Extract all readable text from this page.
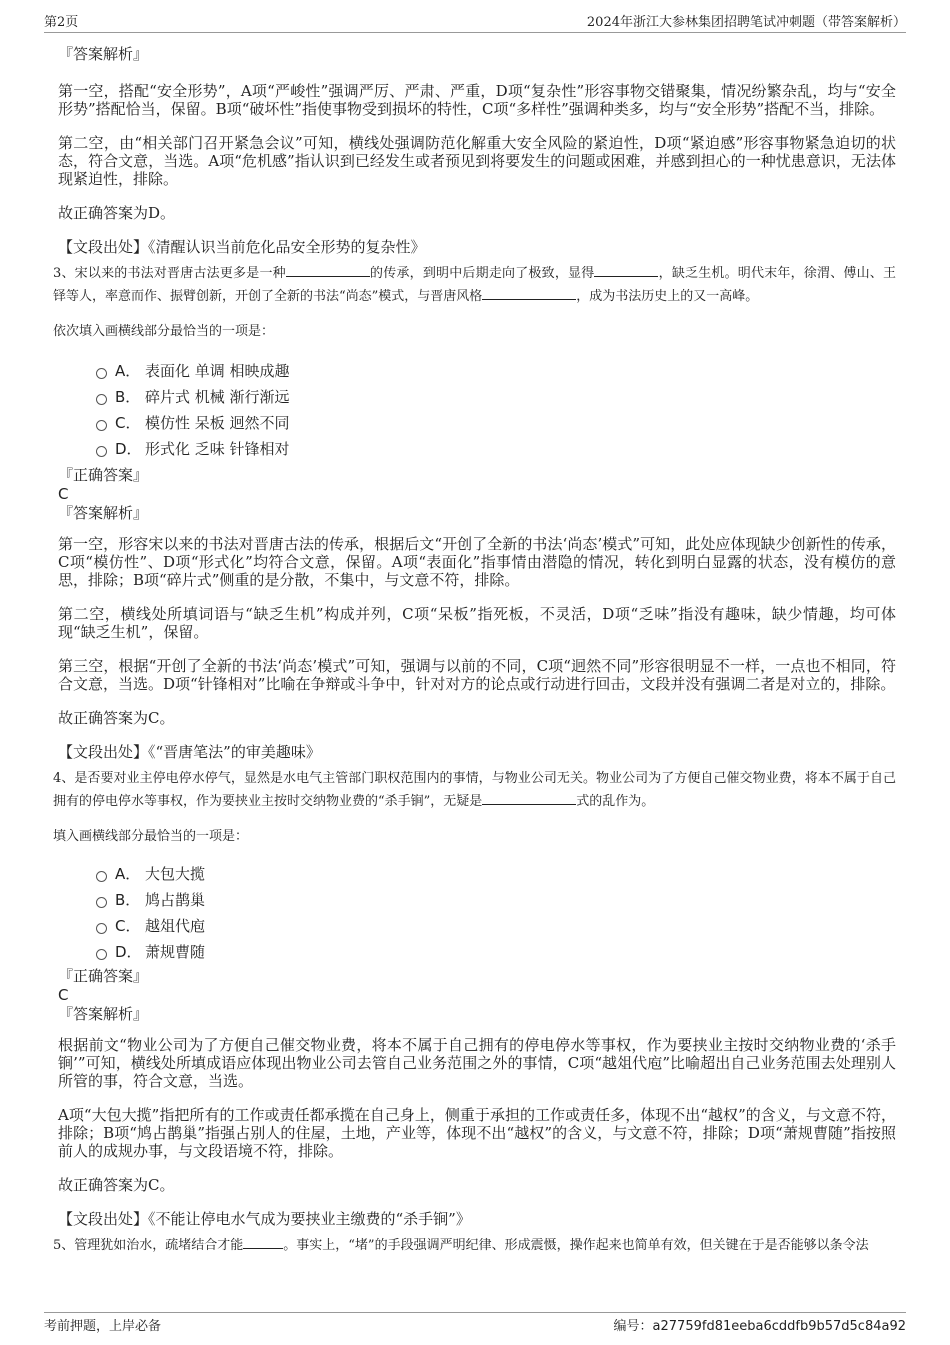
第2页	2024年浙江大参林集团招聘笔试冲刺题（带答案解析）

『答案解析』

第一空，搭配“安全形势”，A项“严峻性”强调严厉、严肃、严重，D项“复杂性”形容事物交错聚集，情况纷繁杂乱，均与“安全形势”搭配恰当，保留。B项“破坏性”指使事物受到损坏的特性，C项“多样性”强调种类多，均与“安全形势”搭配不当，排除。

第二空，由“相关部门召开紧急会议”可知，横线处强调防范化解重大安全风险的紧迫性，D项“紧迫感”形容事物紧急迫切的状态，符合文意，当选。A项“危机感”指认识到已经发生或者预见到将要发生的问题或困难，并感到担心的一种忧患意识，无法体现紧迫性，排除。

故正确答案为D。

【文段出处】《清醒认识当前危化品安全形势的复杂性》

3、宋以来的书法对晋唐古法更多是一种	的传承，到明中后期走向了极致，显得	，缺乏生机。明代末年，徐渭、傅山、王铎等人，率意而作、振臂创新，开创了全新的书法“尚态”模式，与晋唐风格	，成为书法历史上的又一高峰。

依次填入画横线部分最恰当的一项是：

A． 表面化 单调 相映成趣
B． 碎片式 机械 渐行渐远
C． 模仿性 呆板 迥然不同
D． 形式化 乏味 针锋相对

『正确答案』

C

『答案解析』

第一空，形容宋以来的书法对晋唐古法的传承，根据后文“开创了全新的书法‘尚态’模式”可知，此处应体现缺少创新性的传承，C项“模仿性”、D项“形式化”均符合文意，保留。A项“表面化”指事情由潜隐的情况，转化到明白显露的状态，没有模仿的意思，排除；B项“碎片式”侧重的是分散，不集中，与文意不符，排除。

第二空，横线处所填词语与“缺乏生机”构成并列，C项“呆板”指死板，不灵活，D项“乏味”指没有趣味，缺少情趣，均可体现“缺乏生机”，保留。

第三空，根据“开创了全新的书法‘尚态’模式”可知，强调与以前的不同，C项“迥然不同”形容很明显不一样，一点也不相同，符合文意，当选。D项“针锋相对”比喻在争辩或斗争中，针对对方的论点或行动进行回击，文段并没有强调二者是对立的，排除。

故正确答案为C。

【文段出处】《“晋唐笔法”的审美趣味》

4、是否要对业主停电停水停气，显然是水电气主管部门职权范围内的事情，与物业公司无关。物业公司为了方便自己催交物业费，将本不属于自己拥有的停电停水等事权，作为要挟业主按时交纳物业费的“杀手锏”，无疑是	式的乱作为。

填入画横线部分最恰当的一项是：

A． 大包大揽
B． 鸠占鹊巢
C． 越俎代庖
D． 萧规曹随

『正确答案』

C

『答案解析』

根据前文“物业公司为了方便自己催交物业费，将本不属于自己拥有的停电停水等事权，作为要挟业主按时交纳物业费的‘杀手锏’”可知，横线处所填成语应体现出物业公司去管自己业务范围之外的事情，C项“越俎代庖”比喻超出自己业务范围去处理别人所管的事，符合文意，当选。

A项“大包大揽”指把所有的工作或责任都承揽在自己身上，侧重于承担的工作或责任多，体现不出“越权”的含义，与文意不符，排除；B项“鸠占鹊巢”指强占别人的住屋，土地，产业等，体现不出“越权”的含义，与文意不符，排除；D项“萧规曹随”指按照前人的成规办事，与文段语境不符，排除。

故正确答案为C。

【文段出处】《不能让停电水气成为要挟业主缴费的“杀手锏”》

5、管理犹如治水，疏堵结合才能	。事实上，“堵”的手段强调严明纪律、形成震慑，操作起来也简单有效，但关键在于是否能够以条令法

考前押题，上岸必备	编号：a27759fd81eeba6cddfb9b57d5c84a92
